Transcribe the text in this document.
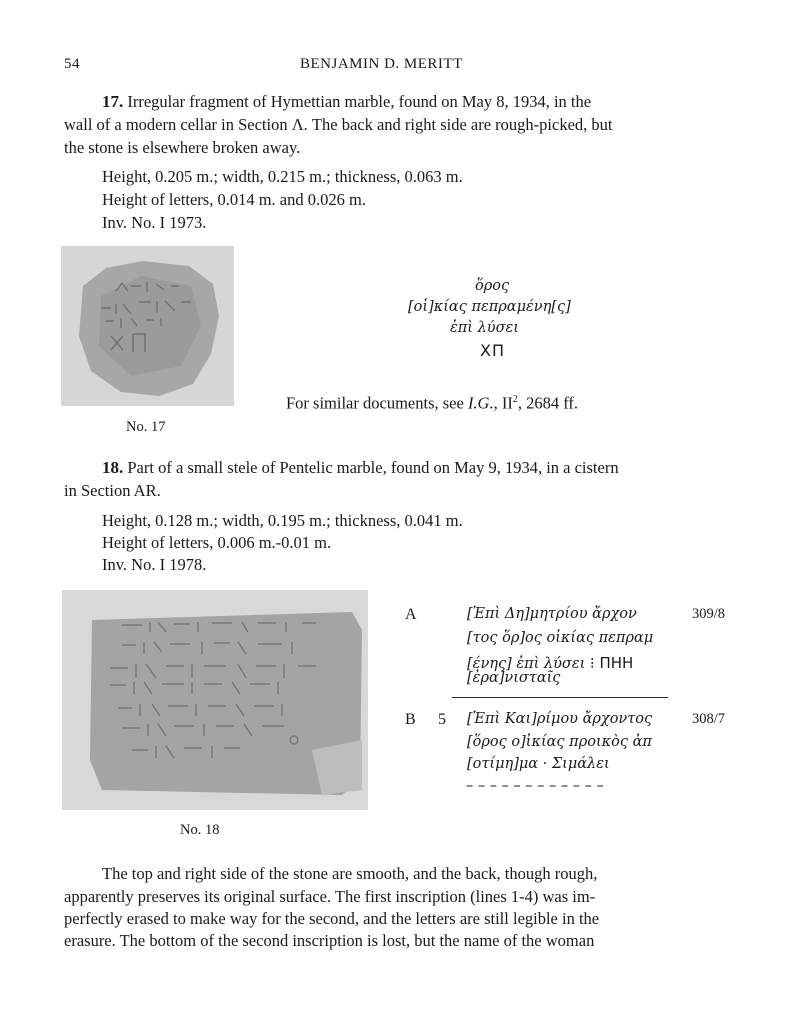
54	BENJAMIN D. MERITT
17. Irregular fragment of Hymettian marble, found on May 8, 1934, in the
wall of a modern cellar in Section Λ. The back and right side are rough-picked, but
the stone is elsewhere broken away.
Height, 0.205 m.; width, 0.215 m.; thickness, 0.063 m.
Height of letters, 0.014 m. and 0.026 m.
Inv. No. I 1973.
No. 17
ὅρος
[οἰ]κίας πεπραμένη[ς]
ἐπὶ λύσει
ΧΠ
For similar documents, see I.G., $II^2$, 2684 ff.
18. Part of a small stele of Pentelic marble, found on May 9, 1934, in a cistern
in Section AR.
Height, 0.128 m.; width, 0.195 m.; thickness, 0.041 m.
Height of letters, 0.006 m.-0.01 m.
Inv. No. I 1978.
No. 18
A	[Ἐπὶ Δη]μητρίου ἄρχον	309/8
[τος ὅρ]ος οἰκίας πεπραμ
[ένης] ἐπὶ λύσει ⁝ ΠΗΗ
[ἐρα]νισταῖς
B 5 [Ἐπὶ Και]ρίμου ἄρχοντος	308/7
[ὅρος ο]ἰκίας προικὸς ἀπ
[οτίμη]μα · Σιμάλει
– – – – – – – – – – – –
The top and right side of the stone are smooth, and the back, though rough,
apparently preserves its original surface. The first inscription (lines 1-4) was im-
perfectly erased to make way for the second, and the letters are still legible in the
erasure. The bottom of the second inscription is lost, but the name of the woman
